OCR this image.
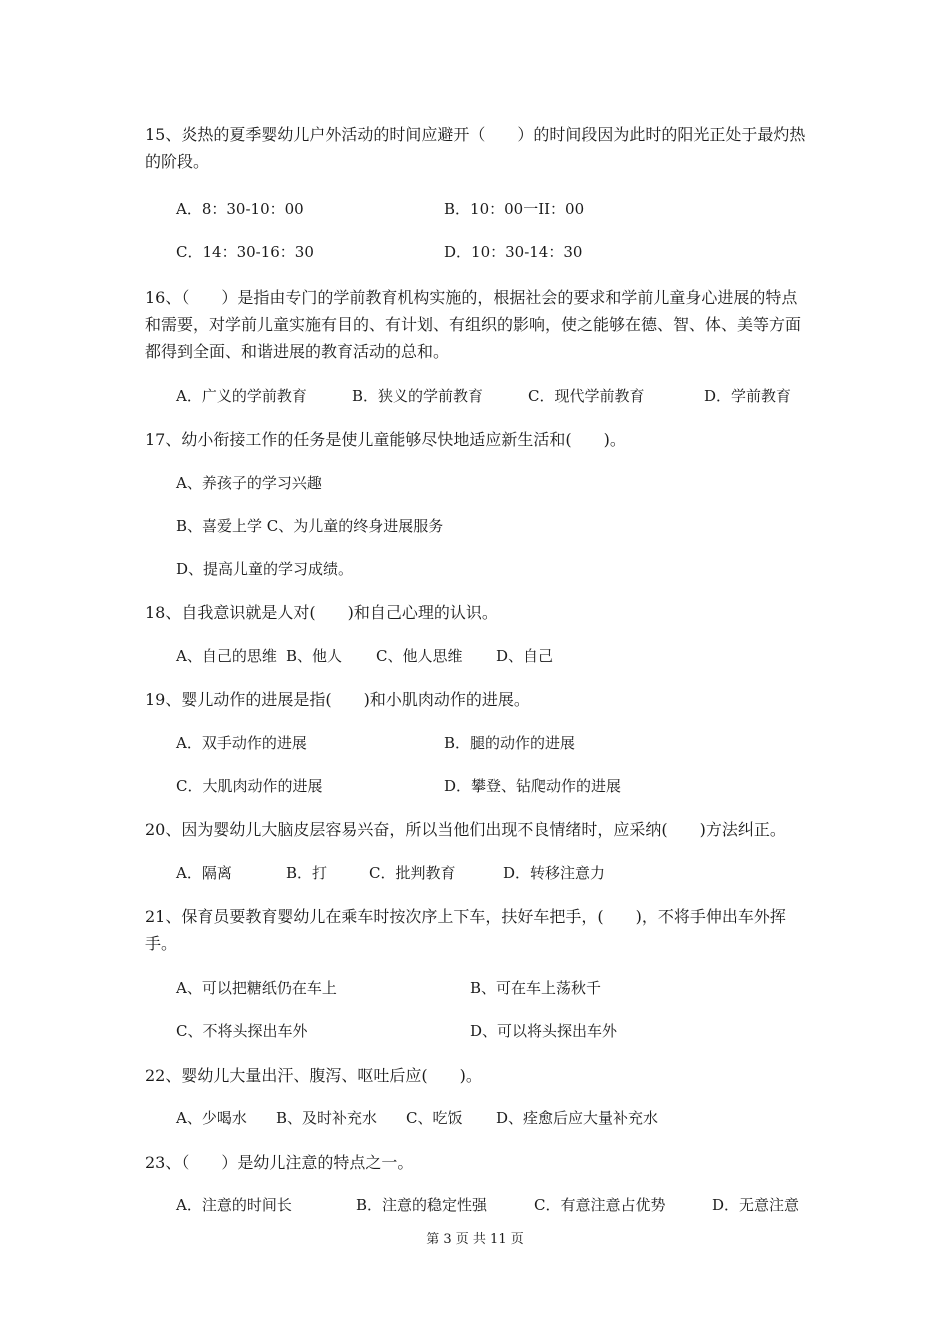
15、炎热的夏季婴幼儿户外活动的时间应避开（　　）的时间段因为此时的阳光正处于最灼热的阶段。
A．8：30-10：00	B．10：00一II：00
C．14：30-16：30	D．10：30-14：30
16、（　　）是指由专门的学前教育机构实施的，根据社会的要求和学前儿童身心进展的特点和需要，对学前儿童实施有目的、有计划、有组织的影响，使之能够在德、智、体、美等方面都得到全面、和谐进展的教育活动的总和。
A．广义的学前教育	B．狭义的学前教育	C．现代学前教育	D．学前教育
17、幼小衔接工作的任务是使儿童能够尽快地适应新生活和(　　)。
A、养孩子的学习兴趣
B、喜爱上学 C、为儿童的终身进展服务
D、提高儿童的学习成绩。
18、自我意识就是人对(　　)和自己心理的认识。
A、自己的思维 B、他人 C、他人思维 D、自己
19、婴儿动作的进展是指(　　)和小肌肉动作的进展。
A．双手动作的进展	B．腿的动作的进展
C．大肌肉动作的进展	D．攀登、钻爬动作的进展
20、因为婴幼儿大脑皮层容易兴奋，所以当他们出现不良情绪时，应采纳(　　)方法纠正。
A．隔离	B．打	C．批判教育	D．转移注意力
21、保育员要教育婴幼儿在乘车时按次序上下车，扶好车把手，(　　)，不将手伸出车外挥手。
A、可以把糖纸仍在车上	B、可在车上荡秋千
C、不将头探出车外	D、可以将头探出车外
22、婴幼儿大量出汗、腹泻、呕吐后应(　　)。
A、少喝水 B、及时补充水 C、吃饭 D、痊愈后应大量补充水
23、（　　）是幼儿注意的特点之一。
A．注意的时间长	B．注意的稳定性强	C．有意注意占优势	D．无意注意
第 3 页 共 11 页
